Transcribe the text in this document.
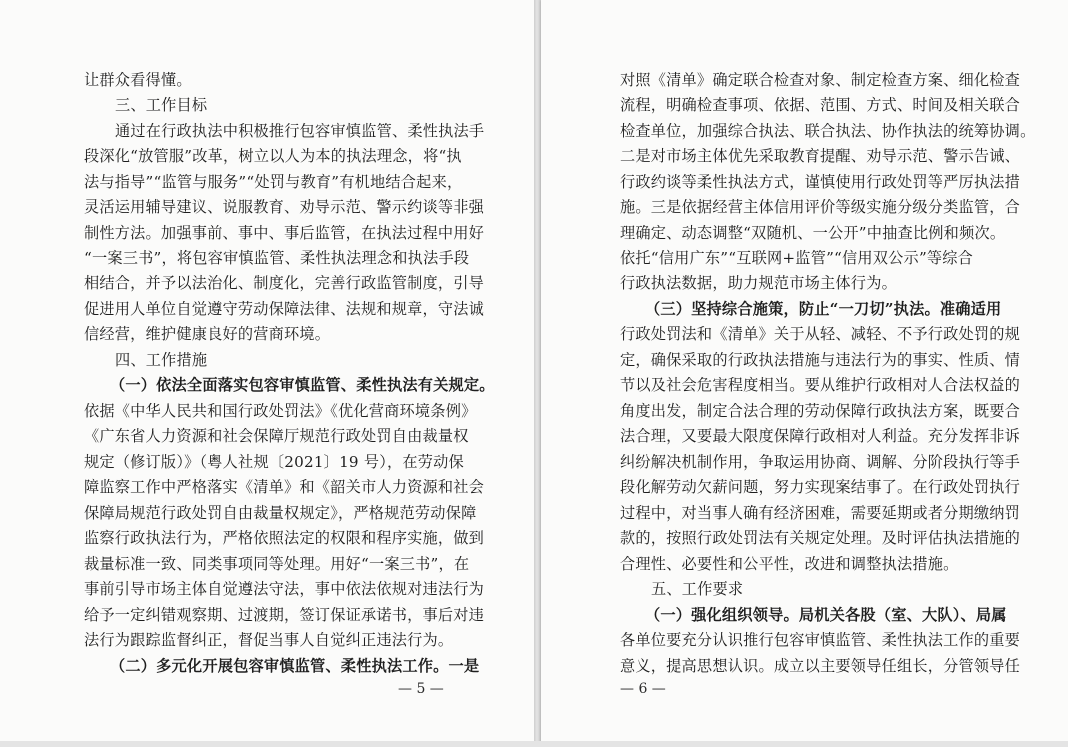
让群众看得懂。
三、工作目标
通过在行政执法中积极推行包容审慎监管、柔性执法手
段深化“放管服”改革，树立以人为本的执法理念，将“执
法与指导”“监管与服务”“处罚与教育”有机地结合起来，
灵活运用辅导建议、说服教育、劝导示范、警示约谈等非强
制性方法。加强事前、事中、事后监管，在执法过程中用好
“一案三书”，将包容审慎监管、柔性执法理念和执法手段
相结合，并予以法治化、制度化，完善行政监管制度，引导
促进用人单位自觉遵守劳动保障法律、法规和规章，守法诚
信经营，维护健康良好的营商环境。
四、工作措施
（一）依法全面落实包容审慎监管、柔性执法有关规定。
依据《中华人民共和国行政处罚法》《优化营商环境条例》
《广东省人力资源和社会保障厅规范行政处罚自由裁量权
规定（修订版）》（粤人社规〔2021〕19 号），在劳动保
障监察工作中严格落实《清单》和《韶关市人力资源和社会
保障局规范行政处罚自由裁量权规定》，严格规范劳动保障
监察行政执法行为，严格依照法定的权限和程序实施，做到
裁量标准一致、同类事项同等处理。用好“一案三书”，在
事前引导市场主体自觉遵法守法，事中依法依规对违法行为
给予一定纠错观察期、过渡期，签订保证承诺书，事后对违
法行为跟踪监督纠正，督促当事人自觉纠正违法行为。
（二）多元化开展包容审慎监管、柔性执法工作。一是
— 5 —
对照《清单》确定联合检查对象、制定检查方案、细化检查
流程，明确检查事项、依据、范围、方式、时间及相关联合
检查单位，加强综合执法、联合执法、协作执法的统筹协调。
二是对市场主体优先采取教育提醒、劝导示范、警示告诫、
行政约谈等柔性执法方式，谨慎使用行政处罚等严厉执法措
施。三是依据经营主体信用评价等级实施分级分类监管，合
理确定、动态调整“双随机、一公开”中抽查比例和频次。
依托“信用广东”“互联网+监管”“信用双公示”等综合
行政执法数据，助力规范市场主体行为。
（三）坚持综合施策，防止“一刀切”执法。准确适用
行政处罚法和《清单》关于从轻、减轻、不予行政处罚的规
定，确保采取的行政执法措施与违法行为的事实、性质、情
节以及社会危害程度相当。要从维护行政相对人合法权益的
角度出发，制定合法合理的劳动保障行政执法方案，既要合
法合理，又要最大限度保障行政相对人利益。充分发挥非诉
纠纷解决机制作用，争取运用协商、调解、分阶段执行等手
段化解劳动欠薪问题，努力实现案结事了。在行政处罚执行
过程中，对当事人确有经济困难，需要延期或者分期缴纳罚
款的，按照行政处罚法有关规定处理。及时评估执法措施的
合理性、必要性和公平性，改进和调整执法措施。
五、工作要求
（一）强化组织领导。局机关各股（室、大队）、局属
各单位要充分认识推行包容审慎监管、柔性执法工作的重要
意义，提高思想认识。成立以主要领导任组长，分管领导任
— 6 —
